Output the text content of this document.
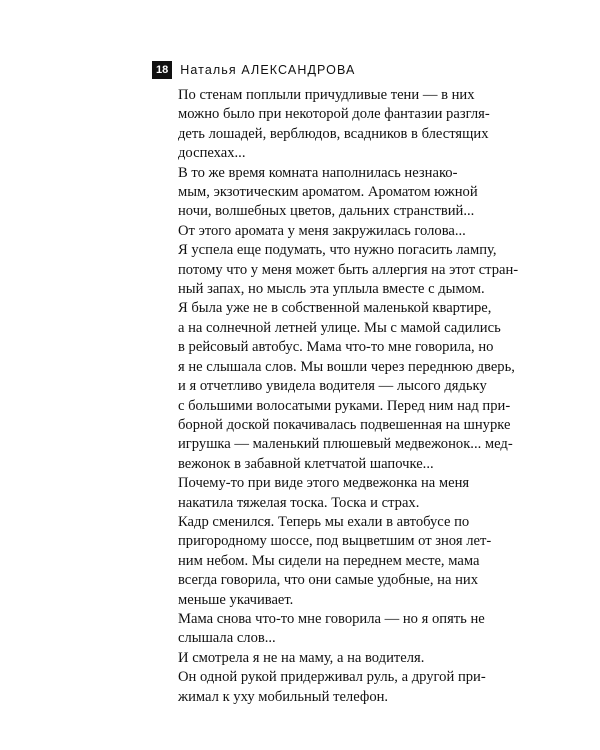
18 Наталья АЛЕКСАНДРОВА

По стенам поплыли причудливые тени — в них
можно было при некоторой доле фантазии разгля-
деть лошадей, верблюдов, всадников в блестящих
доспехах...

В то же время комната наполнилась незнако-
мым, экзотическим ароматом. Ароматом южной
ночи, волшебных цветов, дальних странствий...

От этого аромата у меня закружилась голова...
Я успела еще подумать, что нужно погасить лампу,
потому что у меня может быть аллергия на этот стран-
ный запах, но мысль эта уплыла вместе с дымом.

Я была уже не в собственной маленькой квартире,
а на солнечной летней улице. Мы с мамой садились
в рейсовый автобус. Мама что-то мне говорила, но
я не слышала слов. Мы вошли через переднюю дверь,
и я отчетливо увидела водителя — лысого дядьку
с большими волосатыми руками. Перед ним над при-
борной доской покачивалась подвешенная на шнурке
игрушка — маленький плюшевый медвежонок... мед-
вежонок в забавной клетчатой шапочке...

Почему-то при виде этого медвежонка на меня
накатила тяжелая тоска. Тоска и страх.

Кадр сменился. Теперь мы ехали в автобусе по
пригородному шоссе, под выцветшим от зноя лет-
ним небом. Мы сидели на переднем месте, мама
всегда говорила, что они самые удобные, на них
меньше укачивает.

Мама снова что-то мне говорила — но я опять не
слышала слов...

И смотрела я не на маму, а на водителя.

Он одной рукой придерживал руль, а другой при-
жимал к уху мобильный телефон.
